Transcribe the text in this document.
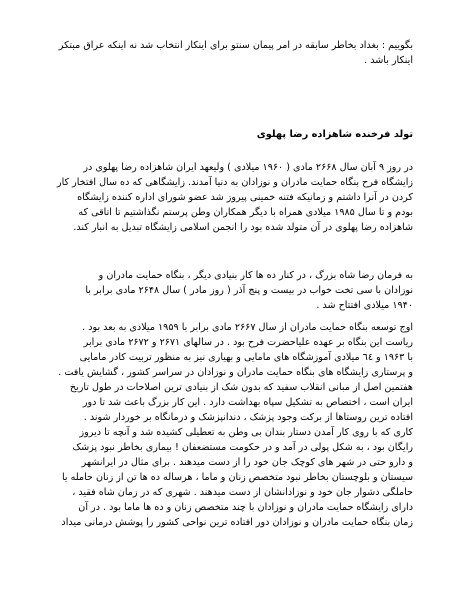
بگوییم : بغداد بخاطر سابقه در امر پیمان سنتو برای اینکار انتخاب شد نه اینکه عراق مبتکر
اینکار باشد .
تولد فرخنده شاهزاده رضا پهلوی
در روز ۹ آبان سال ۲۶۶۸ مادی ( ۱۹۶۰ میلادی ) ولیعهد ایران شاهزاده رضا پهلوی در
زایشگاه فرح بنگاه حمایت مادران و نوزادان به دنیا آمدند. زایشگاهی که ده سال افتخار کار
کردن در آنرا داشتم و زمانیکه فتنه خمینی پیروز شد عضو شورای اداره کننده زایشگاه
بودم و تا سال ۱۹۸۵ میلادی همراه با دیگر همکاران وطن پرستم نگذاشتیم تا اتاقی که
شاهزاده رضا پهلوی در آن متولد شده بود را انجمن اسلامی زایشگاه تبدیل به انبار کند.
به فرمان رضا شاه بزرگ ، در کنار ده ها کار بنیادی دیگر ، بنگاه حمایت مادران و
نوزادان با سی تخت خواب در بیست و پنج آذر ( روز مادر ) سال ۲۶۴۸ مادی برابر با
۱۹۴۰ میلادی افتتاح شد .
اوج توسعه بنگاه حمایت مادران از سال ۲۶۶۷ مادی برابر با ۱۹۵۹ میلادی به بعد بود .
ریاست این بنگاه بر عهده علیاحضرت فرح بود . در سالهای ۲۶۷۱ و ۲۶۷۲ مادی برابر
با ۱۹۶۳ و ٦٤ میلادی آموزشگاه های مامایی و بهیاری نیز به منظور تربیت کادر مامایی
و پرستاری زایشگاه های بنگاه حمایت مادران و نوزادان در سراسر کشور ، گشایش یافت .
هفتمین اصل از مبانی انقلاب سفید که بدون شک از بنیادی ترین اصلاحات در طول تاریخ
ایران است ، اختصاص به تشکیل سپاه بهداشت دارد . این کار بزرگ باعث شد تا دور
افتاده ترین روستاها از برکت وجود پزشک ، دندانپزشک و درمانگاه بر خوردار شوند .
کاری که با روی کار آمدن دستار بندان بی وطن به تعطیلی کشیده شد و آنچه تا دیروز
رایگان بود ، به شکل پولی در آمد و در حکومت مستضعفان ! بیماری بخاطر نبود پزشک
و دارو حتی در شهر های کوچک جان خود را از دست میدهند . برای مثال در ایرانشهر
سیستان و بلوچستان بخاطر نبود متخصص زنان و ماما ، هرساله ده ها تن از زنان حامله یا
حاملگی دشوار جان خود و نوزادانشان از دست میدهند . شهری که در زمان شاه فقید ،
دارای زایشگاه حمایت مادران و نوزادان با چند متخصص زنان و ده ها ماما بود . در آن
زمان بنگاه حمایت مادران و نوزادان دور افتاده ترین نواحی کشور را پوشش درمانی میداد
